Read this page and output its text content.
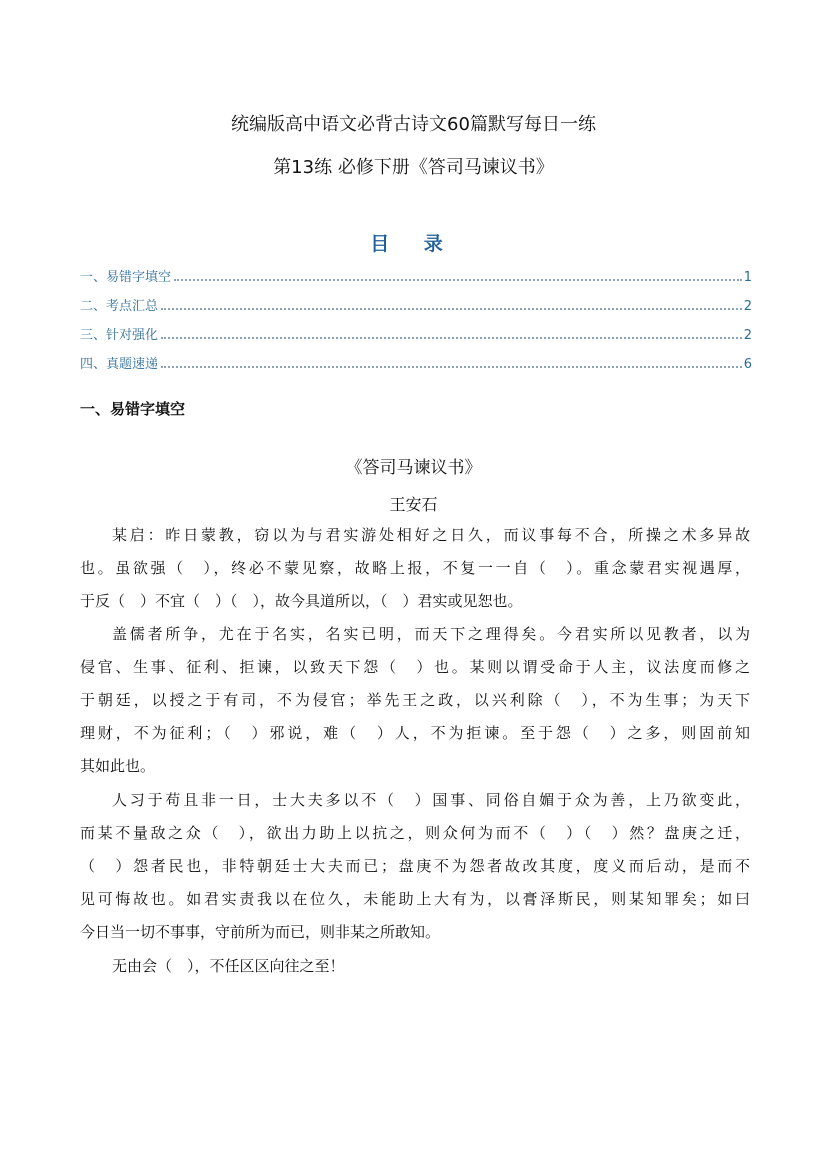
统编版高中语文必背古诗文60篇默写每日一练
第13练 必修下册《答司马谏议书》
目 录
一、易错字填空	1
二、考点汇总	2
三、针对强化	2
四、真题速递	6
一、易错字填空
《答司马谏议书》
王安石
某启：昨日蒙教，窃以为与君实游处相好之日久，而议事每不合，所操之术多异故
也。虽欲强（　），终必不蒙见察，故略上报，不复一一自（　）。重念蒙君实视遇厚，
于反（　）不宜（　）（　），故今具道所以，（　）君实或见恕也。
盖儒者所争，尤在于名实，名实已明，而天下之理得矣。今君实所以见教者，以为
侵官、生事、征利、拒谏，以致天下怨（　）也。某则以谓受命于人主，议法度而修之
于朝廷，以授之于有司，不为侵官；举先王之政，以兴利除（　），不为生事；为天下
理财，不为征利；（　）邪说，难（　）人，不为拒谏。至于怨（　）之多，则固前知
其如此也。
人习于苟且非一日，士大夫多以不（　）国事、同俗自媚于众为善，上乃欲变此，
而某不量敌之众（　），欲出力助上以抗之，则众何为而不（　）（　）然？盘庚之迁，
（　）怨者民也，非特朝廷士大夫而已；盘庚不为怨者故改其度，度义而后动，是而不
见可悔故也。如君实责我以在位久，未能助上大有为，以膏泽斯民，则某知罪矣；如曰
今日当一切不事事，守前所为而已，则非某之所敢知。
无由会（　），不任区区向往之至！
